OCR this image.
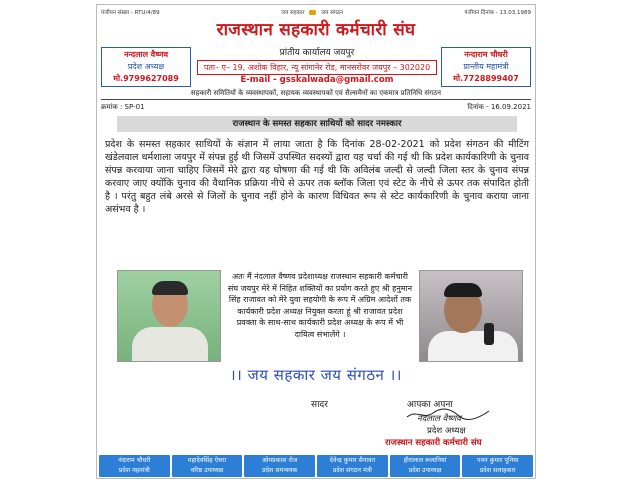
पंजीयन संख्या - RTU/4/89	जय सहकार	जय संगठन	पंजीयन दिनांक - 13.03.1989
राजस्थान सहकारी कर्मचारी संघ
नन्दलाल वैष्णव
प्रदेश अध्यक्ष
मो.9799627089
प्रांतीय कार्यालय जयपुर
पता– ए– 19, अशोक विहार, न्यू सांगानेर रोड, मानसरोवर जयपुर – 302020
E-mail - gsskalwada@gmail.com
नन्दाराम चौधरी
प्रान्तीय महामंत्री
मो.7728899407
सहकारी समितियों के व्यवस्थापकों, सहायक व्यवस्थापकों एवं सैल्समैनों का एकमात्र प्रतिनिधि संगठन
क्रमांक : SP-01	दिनांक - 16.09.2021
राजस्थान के समस्त सहकार साथियों को सादर नमस्कार
प्रदेश के समस्त सहकार साथियों के संज्ञान में लाया जाता है कि दिनांक 28-02-2021 को प्रदेश संगठन की मीटिंग खंडेलवाल धर्मशाला जयपुर में संपन्न हुई थी जिसमें उपस्थित सदस्यों द्वारा यह चर्चा की गई थी कि प्रदेश कार्यकारिणी के चुनाव संपन्न करवाया जाना चाहिए जिसमें मेरे द्वारा यह घोषणा की गई थी कि अविलंब जल्दी से जल्दी जिला स्तर के चुनाव संपन्न करवाए जाए क्योंकि चुनाव की वैधानिक प्रक्रिया नीचे से ऊपर तक ब्लॉक जिला एवं स्टेट के नीचे से ऊपर तक संपादित होती है । परंतु बहुत लंबे अरसे से जिलों के चुनाव नहीं होने के कारण विधिवत रूप से स्टेट कार्यकारिणी के चुनाव कराया जाना असंभव है ।
अतः मैं नंदलाल वैष्णव प्रदेशाध्यक्ष राजस्थान सहकारी कर्मचारी संघ जयपुर मेरे में निहित शक्तियों का प्रयोग करते हुए श्री हनुमान सिंह राजावत को मेरे युवा सहयोगी के रूप में अग्रिम आदेशों तक कार्यकारी प्रदेश अध्यक्ष नियुक्त करता हूं श्री राजावत प्रदेश प्रवक्ता के साथ-साथ कार्यकारी प्रदेश अध्यक्ष के रूप में भी दायित्व संभालेंगे ।
।। जय सहकार जय संगठन ।।
सादर	आपका अपना
नंदलाल वैष्णव
प्रदेश अध्यक्ष
राजस्थान सहकारी कर्मचारी संघ
नंदाराम चौधरी
प्रदेश महामंत्री
महादेवसिंह ऐचरा
वरिष्ठ उपाध्यक्ष
ओमप्रकाश रोज
प्रदेश समन्वयक
देवेन्द्र कुमार सैनावत
प्रदेश संगठन मंत्री
हीरालाल रूलानियां
प्रदेश उपाध्यक्ष
पवन कुमार पूनिया
प्रदेश सलाहकार
